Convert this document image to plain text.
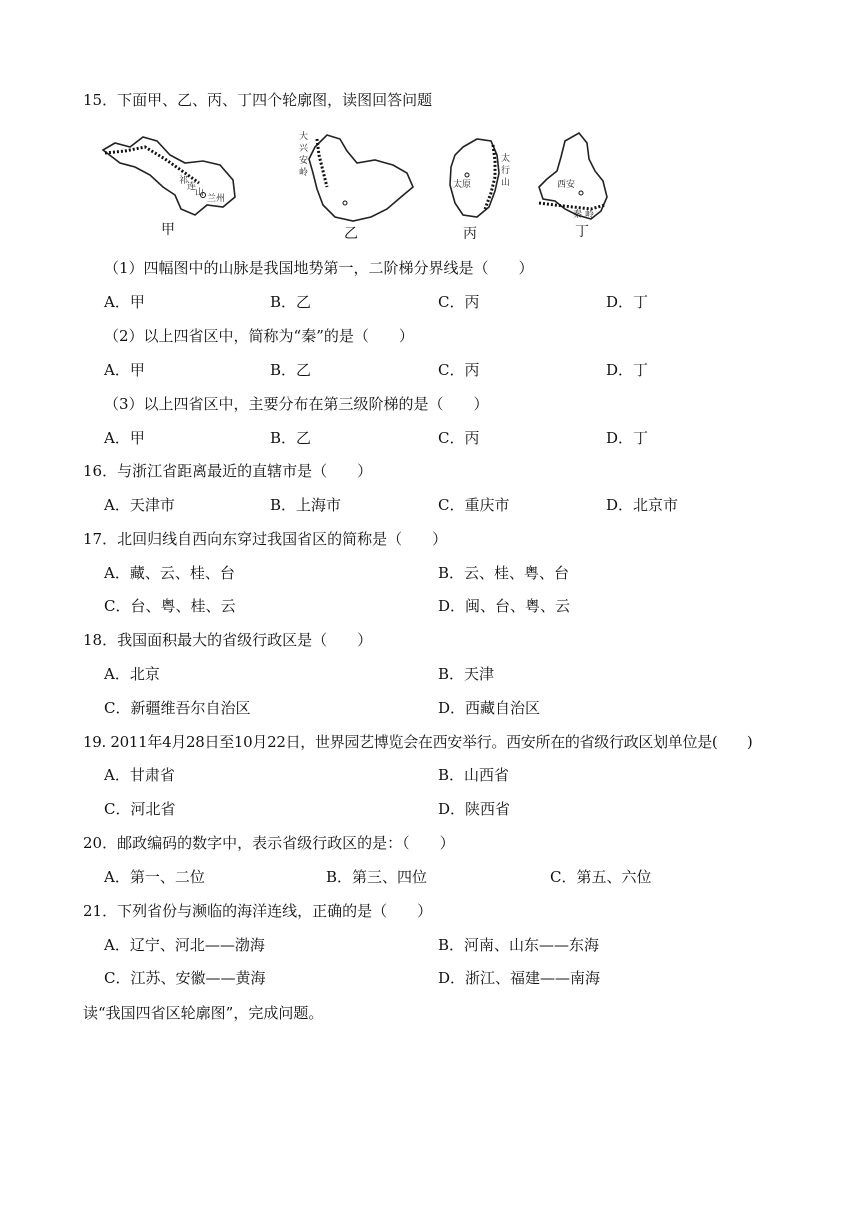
15．下面甲、乙、丙、丁四个轮廓图，读图回答问题
祁
连
山
兰州
大
兴
安
岭
太原
太
行
山	西安
秦 岭
甲	乙	丙	丁
（1）四幅图中的山脉是我国地势第一，二阶梯分界线是（　　）
A．甲	B．乙	C．丙	D．丁
（2）以上四省区中，简称为“秦”的是（　　）
A．甲	B．乙	C．丙	D．丁
（3）以上四省区中，主要分布在第三级阶梯的是（　　）
A．甲	B．乙	C．丙	D．丁
16．与浙江省距离最近的直辖市是（　　）
A．天津市	B．上海市	C．重庆市	D．北京市
17．北回归线自西向东穿过我国省区的简称是（　　）
A．藏、云、桂、台	B．云、桂、粤、台
C．台、粤、桂、云	D．闽、台、粤、云
18．我国面积最大的省级行政区是（　　）
A．北京	B．天津
C．新疆维吾尔自治区	D．西藏自治区
19. 2011年4月28日至10月22日，世界园艺博览会在西安举行。西安所在的省级行政区划单位是(　　)
A．甘肃省	B．山西省
C．河北省	D．陕西省
20．邮政编码的数字中，表示省级行政区的是：（　　）
A．第一、二位	B．第三、四位	C．第五、六位
21．下列省份与濒临的海洋连线，正确的是（　　）
A．辽宁、河北——渤海	B．河南、山东——东海
C．江苏、安徽——黄海	D．浙江、福建——南海
读“我国四省区轮廓图”，完成问题。
